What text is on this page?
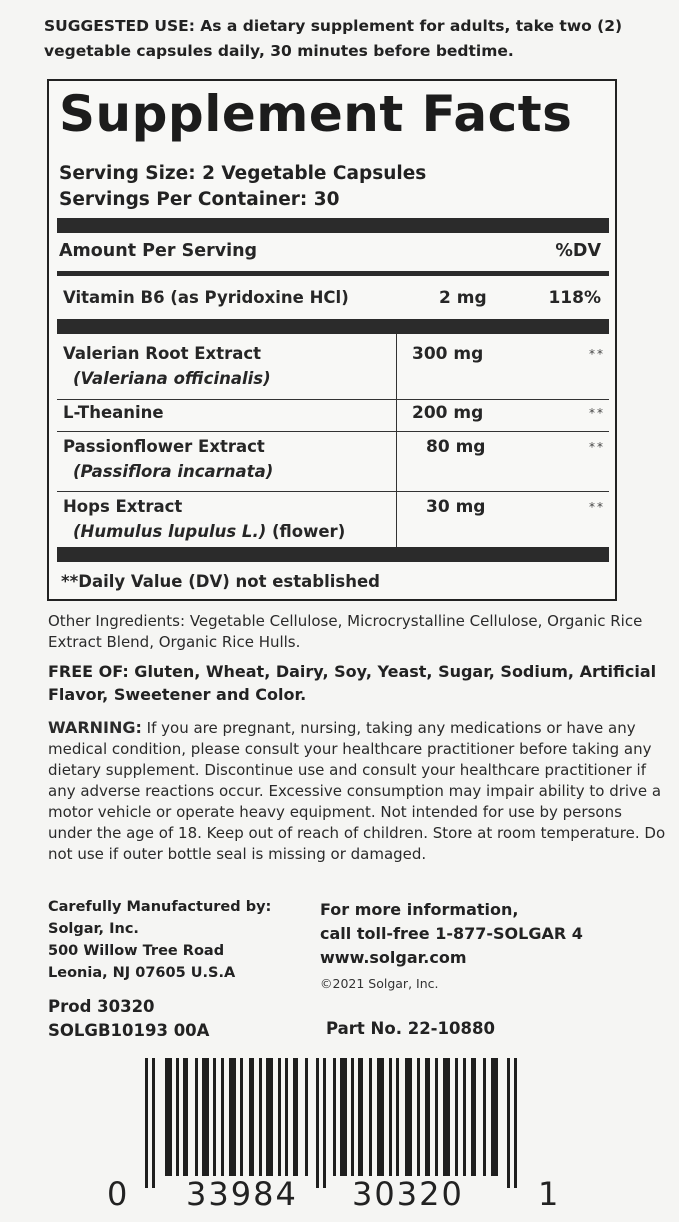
SUGGESTED USE: As a dietary supplement for adults, take two (2) vegetable capsules daily, 30 minutes before bedtime.
Supplement Facts
Serving Size: 2 Vegetable Capsules
Servings Per Container: 30
Amount Per Serving	%DV
Vitamin B6 (as Pyridoxine HCl)	2 mg	118%
Valerian Root Extract
(Valeriana officinalis)
300 mg	**
L-Theanine	200 mg	**
Passionflower Extract
(Passiflora incarnata)
80 mg	**
Hops Extract
(Humulus lupulus L.) (flower)
30 mg	**
**Daily Value (DV) not established
Other Ingredients: Vegetable Cellulose, Microcrystalline Cellulose, Organic Rice Extract Blend, Organic Rice Hulls.
FREE OF: Gluten, Wheat, Dairy, Soy, Yeast, Sugar, Sodium, Artificial Flavor, Sweetener and Color.
WARNING: If you are pregnant, nursing, taking any medications or have any medical condition, please consult your healthcare practitioner before taking any dietary supplement. Discontinue use and consult your healthcare practitioner if any adverse reactions occur. Excessive consumption may impair ability to drive a motor vehicle or operate heavy equipment. Not intended for use by persons under the age of 18. Keep out of reach of children. Store at room temperature. Do not use if outer bottle seal is missing or damaged.
Carefully Manufactured by:
Solgar, Inc.
500 Willow Tree Road
Leonia, NJ 07605 U.S.A
For more information,
call toll-free 1-877-SOLGAR 4
www.solgar.com
©2021 Solgar, Inc.
Prod 30320
SOLGB10193 00A	Part No. 22-10880
0 33984 30320 1
